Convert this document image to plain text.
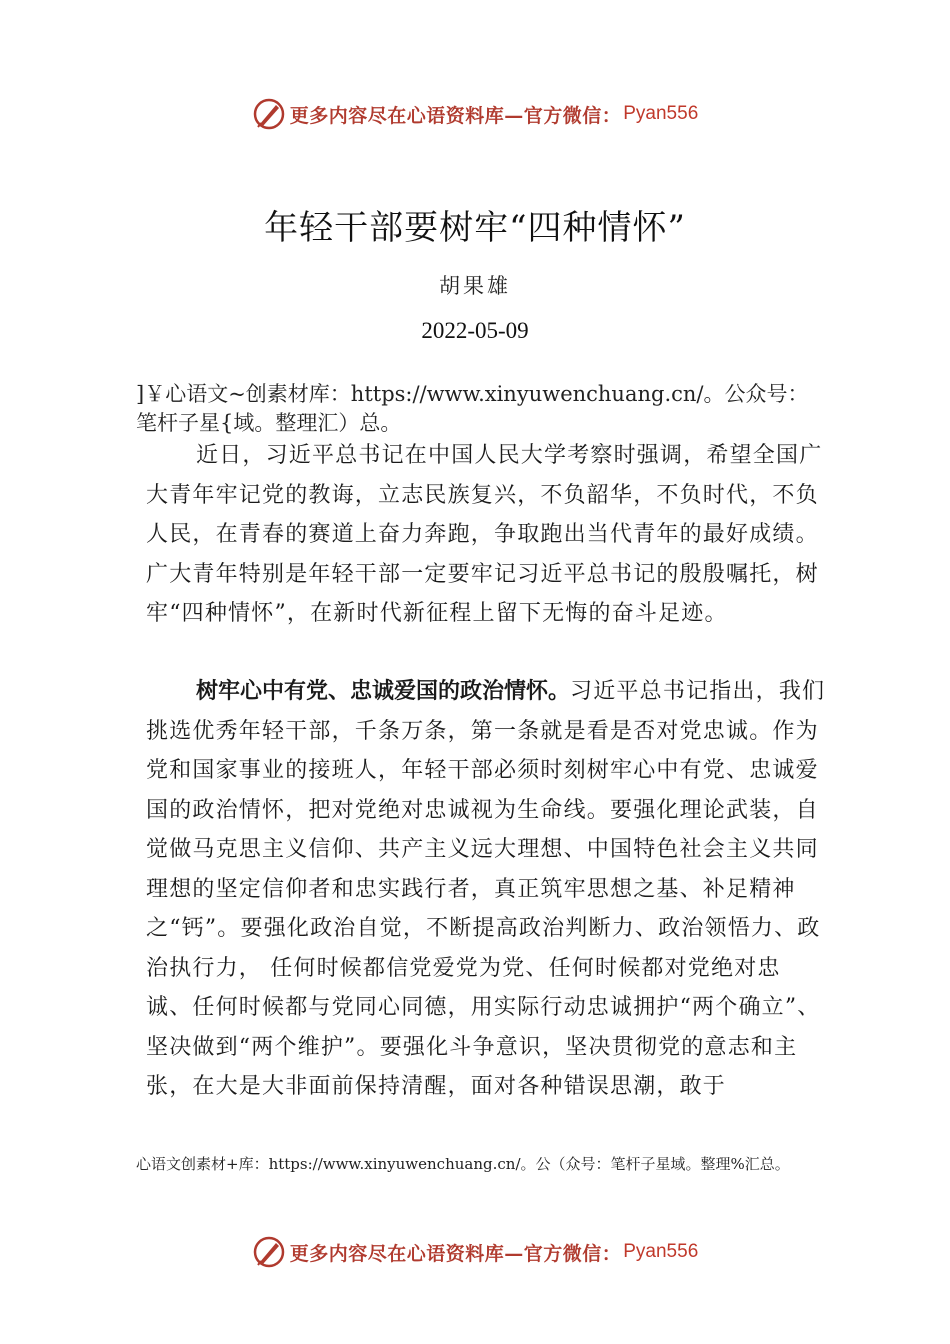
更多内容尽在心语资料库—官方微信： Pyan556
年轻干部要树牢“四种情怀”
胡果雄
2022-05-09
]￥心语文~创素材库：https://www.xinyuwenchuang.cn/。公众号：笔杆子星{域。整理汇）总。
近日，习近平总书记在中国人民大学考察时强调，希望全国广大青年牢记党的教诲，立志民族复兴，不负韶华，不负时代，不负人民，在青春的赛道上奋力奔跑，争取跑出当代青年的最好成绩。广大青年特别是年轻干部一定要牢记习近平总书记的殷殷嘱托，树牢“四种情怀”，在新时代新征程上留下无悔的奋斗足迹。
树牢心中有党、忠诚爱国的政治情怀。习近平总书记指出，我们挑选优秀年轻干部，千条万条，第一条就是看是否对党忠诚。作为党和国家事业的接班人，年轻干部必须时刻树牢心中有党、忠诚爱国的政治情怀，把对党绝对忠诚视为生命线。要强化理论武装，自觉做马克思主义信仰、共产主义远大理想、中国特色社会主义共同理想的坚定信仰者和忠实践行者，真正筑牢思想之基、补足精神之“钙”。要强化政治自觉，不断提高政治判断力、政治领悟力、政治执行力， 任何时候都信党爱党为党、任何时候都对党绝对忠诚、任何时候都与党同心同德，用实际行动忠诚拥护“两个确立”、坚决做到“两个维护”。要强化斗争意识，坚决贯彻党的意志和主张，在大是大非面前保持清醒，面对各种错误思潮，敢于
心语文创素材+库：https://www.xinyuwenchuang.cn/。公（众号：笔杆子星域。整理%汇总。
更多内容尽在心语资料库—官方微信： Pyan556
